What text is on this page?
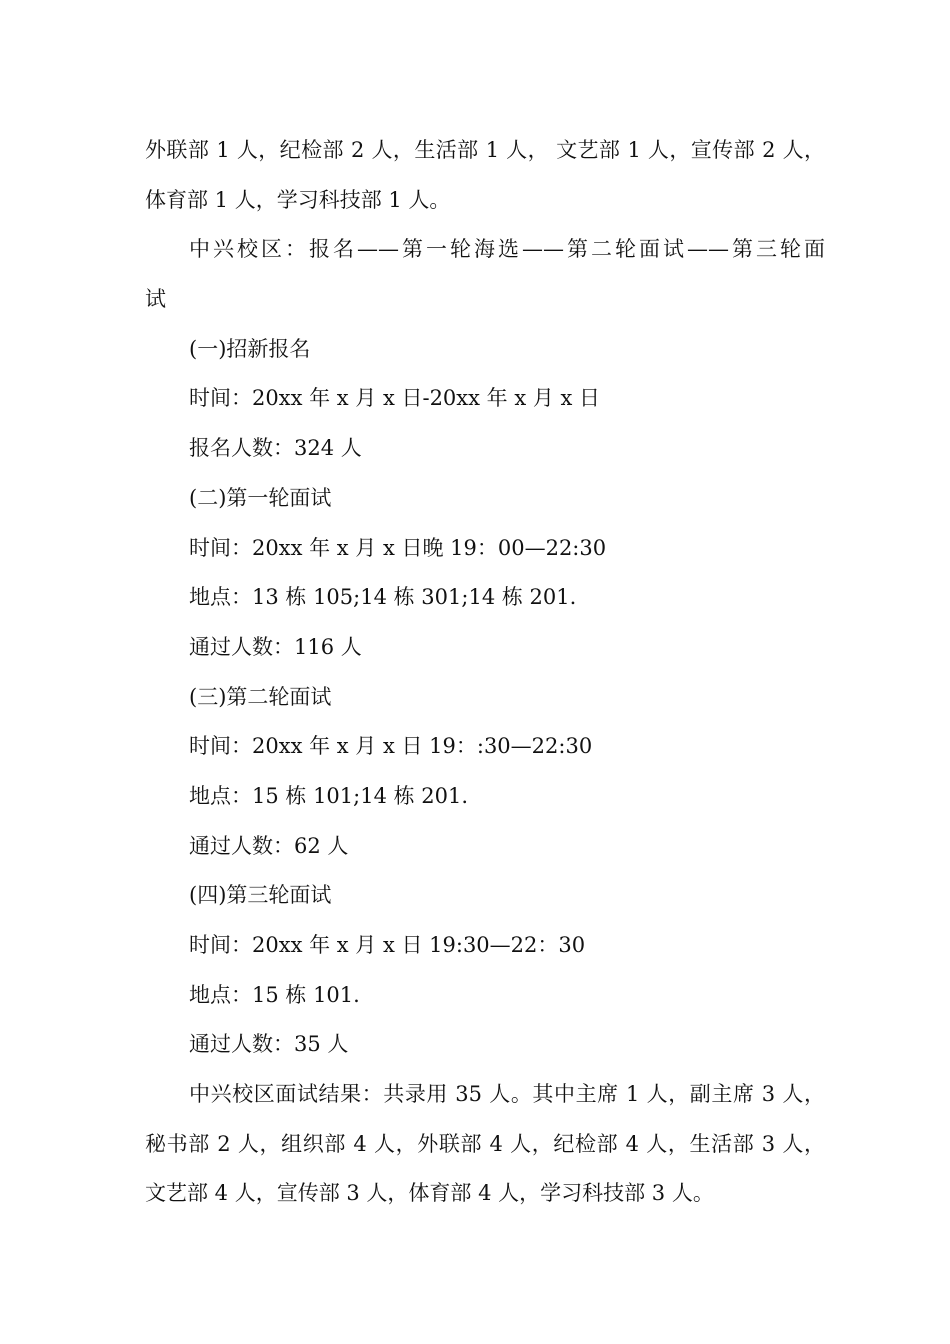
外联部 1 人，纪检部 2 人，生活部 1 人， 文艺部 1 人，宣传部 2 人，
体育部 1 人，学习科技部 1 人。
中兴校区：报名——第一轮海选——第二轮面试——第三轮面
试
(一)招新报名
时间：20xx 年 x 月 x 日-20xx 年 x 月 x 日
报名人数：324 人
(二)第一轮面试
时间：20xx 年 x 月 x 日晚 19：00—22:30
地点：13 栋 105;14 栋 301;14 栋 201.
通过人数：116 人
(三)第二轮面试
时间：20xx 年 x 月 x 日 19：:30—22:30
地点：15 栋 101;14 栋 201.
通过人数：62 人
(四)第三轮面试
时间：20xx 年 x 月 x 日 19:30—22：30
地点：15 栋 101.
通过人数：35 人
中兴校区面试结果：共录用 35 人。其中主席 1 人，副主席 3 人，
秘书部 2 人，组织部 4 人，外联部 4 人，纪检部 4 人，生活部 3 人，
文艺部 4 人，宣传部 3 人，体育部 4 人，学习科技部 3 人。
